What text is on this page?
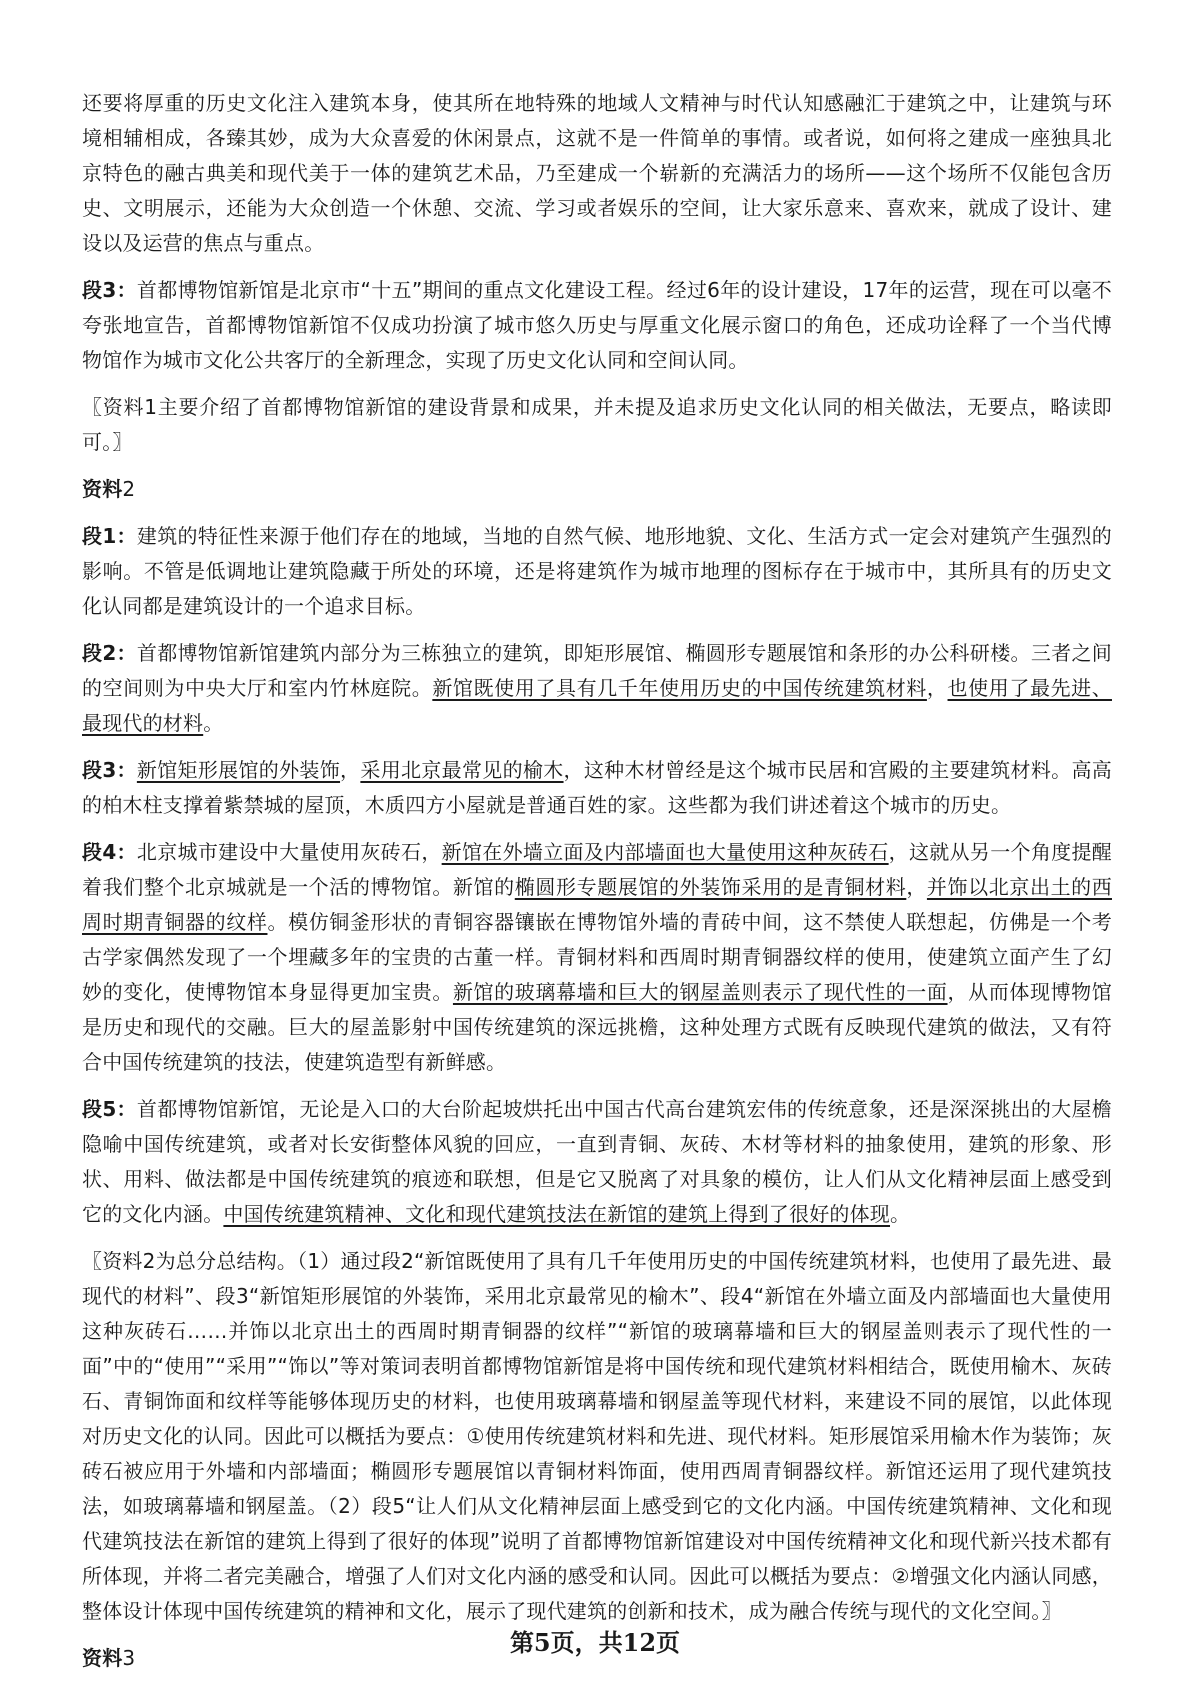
还要将厚重的历史文化注入建筑本身，使其所在地特殊的地域人文精神与时代认知感融汇于建筑之中，让建筑与环境相辅相成，各臻其妙，成为大众喜爱的休闲景点，这就不是一件简单的事情。或者说，如何将之建成一座独具北京特色的融古典美和现代美于一体的建筑艺术品，乃至建成一个崭新的充满活力的场所——这个场所不仅能包含历史、文明展示，还能为大众创造一个休憩、交流、学习或者娱乐的空间，让大家乐意来、喜欢来，就成了设计、建设以及运营的焦点与重点。

段3：首都博物馆新馆是北京市“十五”期间的重点文化建设工程。经过6年的设计建设，17年的运营，现在可以毫不夸张地宣告，首都博物馆新馆不仅成功扮演了城市悠久历史与厚重文化展示窗口的角色，还成功诠释了一个当代博物馆作为城市文化公共客厅的全新理念，实现了历史文化认同和空间认同。

〖资料1主要介绍了首都博物馆新馆的建设背景和成果，并未提及追求历史文化认同的相关做法，无要点，略读即可。〗

资料2

段1：建筑的特征性来源于他们存在的地域，当地的自然气候、地形地貌、文化、生活方式一定会对建筑产生强烈的影响。不管是低调地让建筑隐藏于所处的环境，还是将建筑作为城市地理的图标存在于城市中，其所具有的历史文化认同都是建筑设计的一个追求目标。

段2：首都博物馆新馆建筑内部分为三栋独立的建筑，即矩形展馆、椭圆形专题展馆和条形的办公科研楼。三者之间的空间则为中央大厅和室内竹林庭院。新馆既使用了具有几千年使用历史的中国传统建筑材料，也使用了最先进、最现代的材料。

段3：新馆矩形展馆的外装饰，采用北京最常见的榆木，这种木材曾经是这个城市民居和宫殿的主要建筑材料。高高的柏木柱支撑着紫禁城的屋顶，木质四方小屋就是普通百姓的家。这些都为我们讲述着这个城市的历史。

段4：北京城市建设中大量使用灰砖石，新馆在外墙立面及内部墙面也大量使用这种灰砖石，这就从另一个角度提醒着我们整个北京城就是一个活的博物馆。新馆的椭圆形专题展馆的外装饰采用的是青铜材料，并饰以北京出土的西周时期青铜器的纹样。模仿铜釜形状的青铜容器镶嵌在博物馆外墙的青砖中间，这不禁使人联想起，仿佛是一个考古学家偶然发现了一个埋藏多年的宝贵的古董一样。青铜材料和西周时期青铜器纹样的使用，使建筑立面产生了幻妙的变化，使博物馆本身显得更加宝贵。新馆的玻璃幕墙和巨大的钢屋盖则表示了现代性的一面，从而体现博物馆是历史和现代的交融。巨大的屋盖影射中国传统建筑的深远挑檐，这种处理方式既有反映现代建筑的做法，又有符合中国传统建筑的技法，使建筑造型有新鲜感。

段5：首都博物馆新馆，无论是入口的大台阶起坡烘托出中国古代高台建筑宏伟的传统意象，还是深深挑出的大屋檐隐喻中国传统建筑，或者对长安街整体风貌的回应，一直到青铜、灰砖、木材等材料的抽象使用，建筑的形象、形状、用料、做法都是中国传统建筑的痕迹和联想，但是它又脱离了对具象的模仿，让人们从文化精神层面上感受到它的文化内涵。中国传统建筑精神、文化和现代建筑技法在新馆的建筑上得到了很好的体现。

〖资料2为总分总结构。（1）通过段2“新馆既使用了具有几千年使用历史的中国传统建筑材料，也使用了最先进、最现代的材料”、段3“新馆矩形展馆的外装饰，采用北京最常见的榆木”、段4“新馆在外墙立面及内部墙面也大量使用这种灰砖石……并饰以北京出土的西周时期青铜器的纹样”“新馆的玻璃幕墙和巨大的钢屋盖则表示了现代性的一面”中的“使用”“采用”“饰以”等对策词表明首都博物馆新馆是将中国传统和现代建筑材料相结合，既使用榆木、灰砖石、青铜饰面和纹样等能够体现历史的材料，也使用玻璃幕墙和钢屋盖等现代材料，来建设不同的展馆，以此体现对历史文化的认同。因此可以概括为要点：①使用传统建筑材料和先进、现代材料。矩形展馆采用榆木作为装饰；灰砖石被应用于外墙和内部墙面；椭圆形专题展馆以青铜材料饰面，使用西周青铜器纹样。新馆还运用了现代建筑技法，如玻璃幕墙和钢屋盖。（2）段5“让人们从文化精神层面上感受到它的文化内涵。中国传统建筑精神、文化和现代建筑技法在新馆的建筑上得到了很好的体现”说明了首都博物馆新馆建设对中国传统精神文化和现代新兴技术都有所体现，并将二者完美融合，增强了人们对文化内涵的感受和认同。因此可以概括为要点：②增强文化内涵认同感，整体设计体现中国传统建筑的精神和文化，展示了现代建筑的创新和技术，成为融合传统与现代的文化空间。〗

资料3

第5页，共12页
